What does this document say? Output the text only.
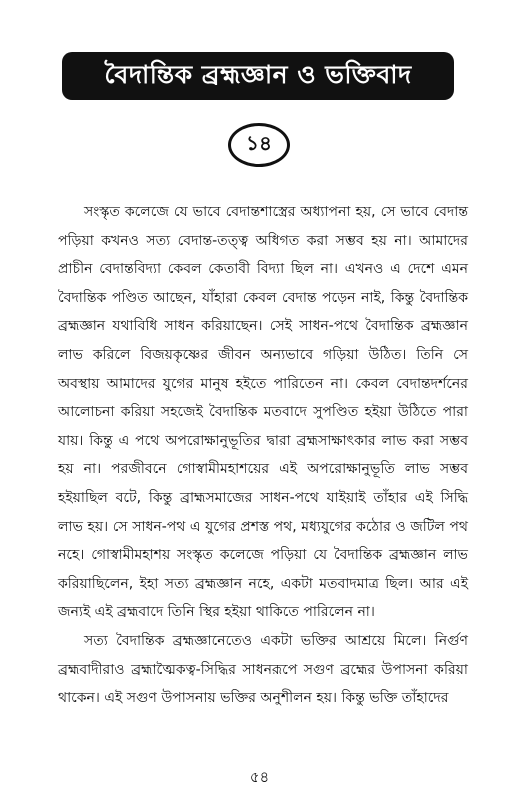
বৈদান্তিক ব্রহ্মজ্ঞান ও ভক্তিবাদ
১৪

সংস্কৃত কলেজে যে ভাবে বেদান্তশাস্ত্রের অধ্যাপনা হয়, সে ভাবে বেদান্ত পড়িয়া কখনও সত্য বেদান্ত-তত্ত্ব অধিগত করা সম্ভব হয় না। আমাদের প্রাচীন বেদান্তবিদ্যা কেবল কেতাবী বিদ্যা ছিল না। এখনও এ দেশে এমন বৈদান্তিক পণ্ডিত আছেন, যাঁহারা কেবল বেদান্ত পড়েন নাই, কিন্তু বৈদান্তিক ব্রহ্মজ্ঞান যথাবিধি সাধন করিয়াছেন। সেই সাধন-পথে বৈদান্তিক ব্রহ্মজ্ঞান লাভ করিলে বিজয়কৃষ্ণের জীবন অন্যভাবে গড়িয়া উঠিত। তিনি সে অবস্থায় আমাদের যুগের মানুষ হইতে পারিতেন না। কেবল বেদান্তদর্শনের আলোচনা করিয়া সহজেই বৈদান্তিক মতবাদে সুপণ্ডিত হইয়া উঠিতে পারা যায়। কিন্তু এ পথে অপরোক্ষানুভূতির দ্বারা ব্রহ্মসাক্ষাৎকার লাভ করা সম্ভব হয় না। পরজীবনে গোস্বামীমহাশয়ের এই অপরোক্ষানুভূতি লাভ সম্ভব হইয়াছিল বটে, কিন্তু ব্রাহ্মসমাজের সাধন-পথে যাইয়াই তাঁহার এই সিদ্ধি লাভ হয়। সে সাধন-পথ এ যুগের প্রশস্ত পথ, মধ্যযুগের কঠোর ও জটিল পথ নহে। গোস্বামীমহাশয় সংস্কৃত কলেজে পড়িয়া যে বৈদান্তিক ব্রহ্মজ্ঞান লাভ করিয়াছিলেন, ইহা সত্য ব্রহ্মজ্ঞান নহে, একটা মতবাদমাত্র ছিল। আর এই জন্যই এই ব্রহ্মবাদে তিনি স্থির হইয়া থাকিতে পারিলেন না।

সত্য বৈদান্তিক ব্রহ্মজ্ঞানেতেও একটা ভক্তির আশ্রয়ে মিলে। নির্গুণ ব্রহ্মবাদীরাও ব্রহ্মাত্মৈকত্ব-সিদ্ধির সাধনরূপে সগুণ ব্রহ্মের উপাসনা করিয়া থাকেন। এই সগুণ উপাসনায় ভক্তির অনুশীলন হয়। কিন্তু ভক্তি তাঁহাদের

৫৪
